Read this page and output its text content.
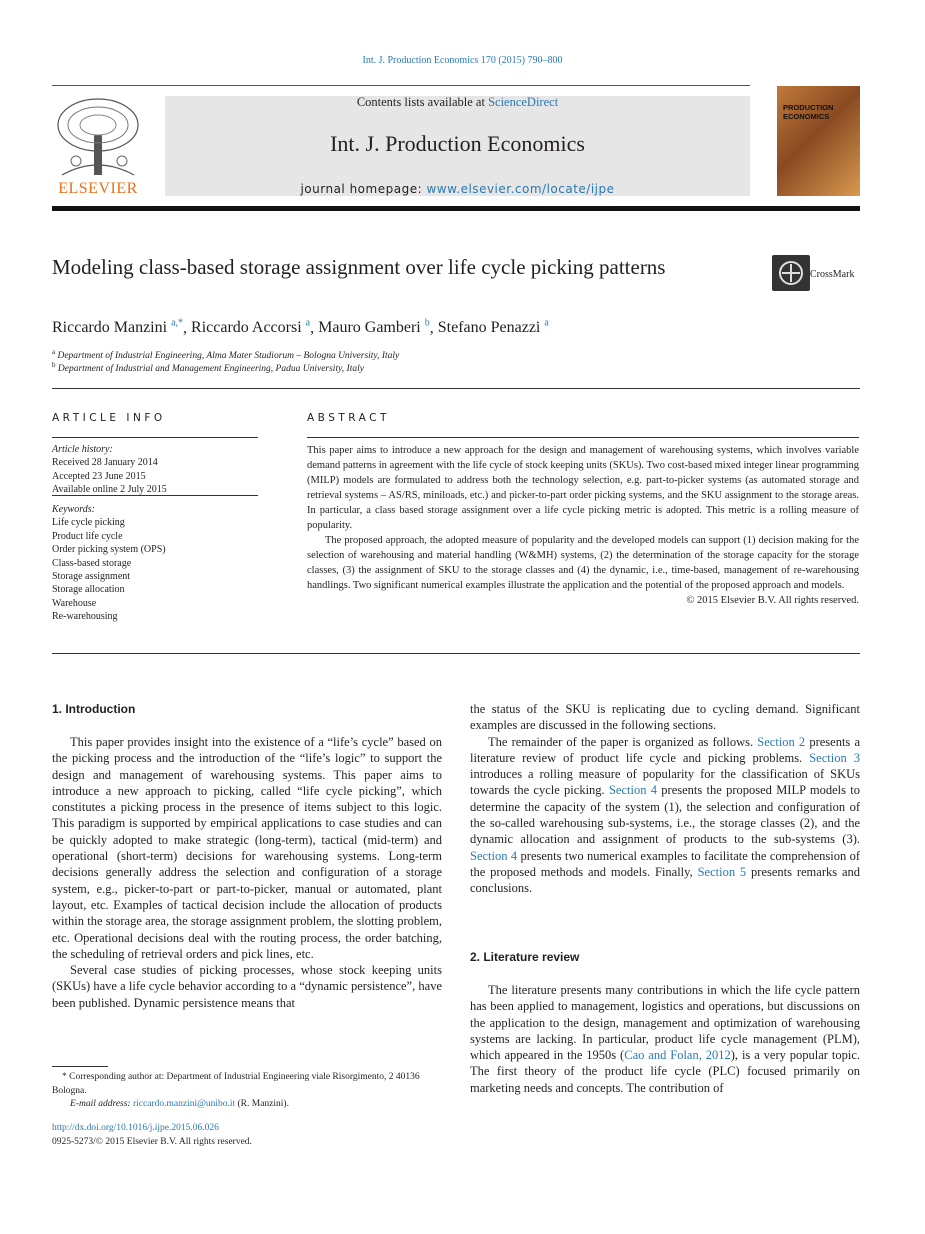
Int. J. Production Economics 170 (2015) 790–800
ELSEVIER
Contents lists available at ScienceDirect
Int. J. Production Economics
journal homepage: www.elsevier.com/locate/ijpe
PRODUCTION ECONOMICS
Modeling class-based storage assignment over life cycle picking patterns	CrossMark
Riccardo Manzini $^{a,*}$, Riccardo Accorsi $^a$, Mauro Gamberi $^b$, Stefano Penazzi $^a$
$^a$ Department of Industrial Engineering, Alma Mater Studiorum – Bologna University, Italy
$^b$ Department of Industrial and Management Engineering, Padua University, Italy
ARTICLE INFO
Article history:
Received 28 January 2014
Accepted 23 June 2015
Available online 2 July 2015
Keywords:
Life cycle picking
Product life cycle
Order picking system (OPS)
Class-based storage
Storage assignment
Storage allocation
Warehouse
Re-warehousing
ABSTRACT

This paper aims to introduce a new approach for the design and management of warehousing systems, which involves variable demand patterns in agreement with the life cycle of stock keeping units (SKUs). Two cost-based mixed integer linear programming (MILP) models are formulated to address both the technology selection, e.g. part-to-picker systems (as automated storage and retrieval systems – AS/RS, miniloads, etc.) and picker-to-part order picking systems, and the SKU assignment to the storage areas. In particular, a class based storage assignment over a life cycle picking metric is adopted. This metric is a rolling measure of popularity.

The proposed approach, the adopted measure of popularity and the developed models can support (1) decision making for the selection of warehousing and material handling (W&MH) systems, (2) the determination of the storage capacity for the storage classes, (3) the assignment of SKU to the storage classes and (4) the dynamic, i.e., time-based, management of re-warehousing handlings. Two significant numerical examples illustrate the application and the potential of the proposed approach and models.

© 2015 Elsevier B.V. All rights reserved.

1. Introduction

This paper provides insight into the existence of a “life’s cycle” based on the picking process and the introduction of the “life’s logic” to support the design and management of warehousing systems. This paper aims to introduce a new approach to picking, called “life cycle picking”, which constitutes a picking process in the presence of items subject to this logic. This paradigm is supported by empirical applications to case studies and can be quickly adopted to make strategic (long-term), tactical (mid-term) and operational (short-term) decisions for warehousing systems. Long-term decisions generally address the selection and configuration of a storage system, e.g., picker-to-part or part-to-picker, manual or automated, plant layout, etc. Examples of tactical decision include the allocation of products within the storage area, the storage assignment problem, the slotting problem, etc. Operational decisions deal with the routing process, the order batching, the scheduling of retrieval orders and pick lines, etc.

Several case studies of picking processes, whose stock keeping units (SKUs) have a life cycle behavior according to a “dynamic persistence”, have been published. Dynamic persistence means that

* Corresponding author at: Department of Industrial Engineering viale Risorgimento, 2 40136 Bologna.
E-mail address: riccardo.manzini@unibo.it (R. Manzini).
http://dx.doi.org/10.1016/j.ijpe.2015.06.026
0925-5273/© 2015 Elsevier B.V. All rights reserved.

the status of the SKU is replicating due to cycling demand. Significant examples are discussed in the following sections.

The remainder of the paper is organized as follows. Section 2 presents a literature review of product life cycle and picking problems. Section 3 introduces a rolling measure of popularity for the classification of SKUs towards the cycle picking. Section 4 presents the proposed MILP models to determine the capacity of the system (1), the selection and configuration of the so-called warehousing sub-systems, i.e., the storage classes (2), and the dynamic allocation and assignment of products to the sub-systems (3). Section 4 presents two numerical examples to facilitate the comprehension of the proposed methods and models. Finally, Section 5 presents remarks and conclusions.

2. Literature review

The literature presents many contributions in which the life cycle pattern has been applied to management, logistics and operations, but discussions on the application to the design, management and optimization of warehousing systems are lacking. In particular, product life cycle management (PLM), which appeared in the 1950s (Cao and Folan, 2012), is a very popular topic. The first theory of the product life cycle (PLC) focused primarily on marketing needs and concepts. The contribution of
